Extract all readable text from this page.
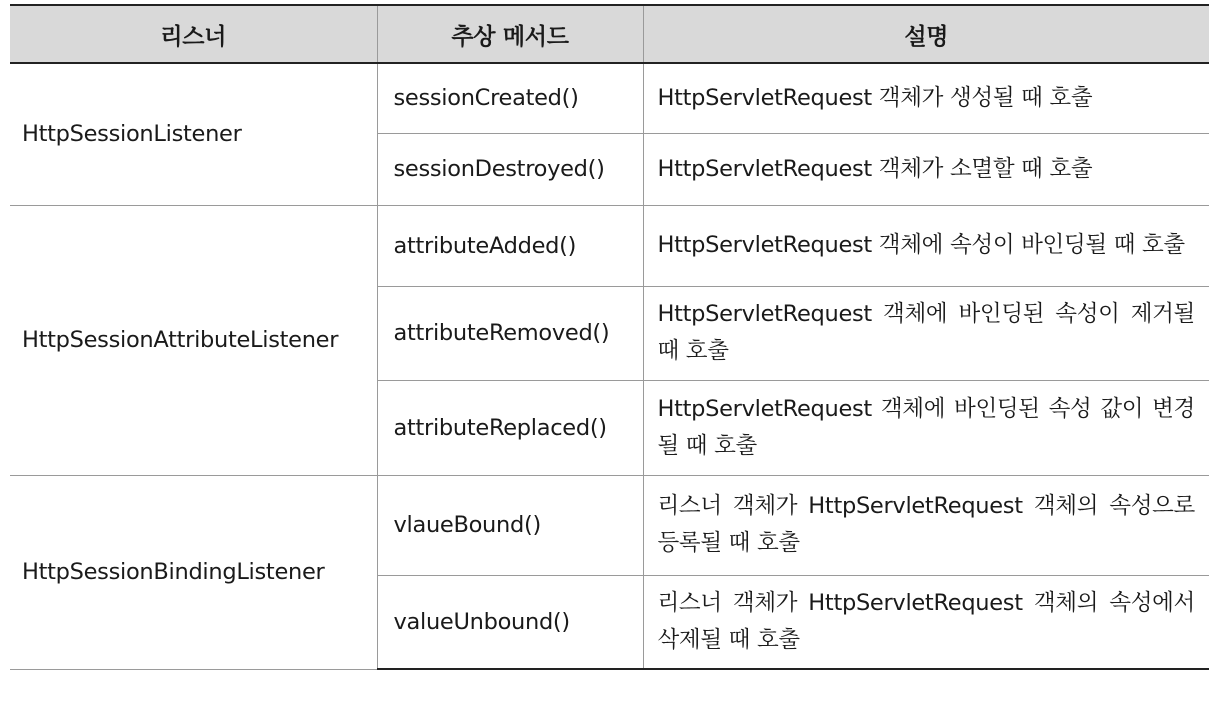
리스너	추상 메서드	설명
HttpSessionListener	sessionCreated()	HttpServletRequest 객체가 생성될 때 호출
	sessionDestroyed()	HttpServletRequest 객체가 소멸할 때 호출
HttpSessionAttributeListener	attributeAdded()	HttpServletRequest 객체에 속성이 바인딩될 때 호출
	attributeRemoved()	HttpServletRequest 객체에 바인딩된 속성이 제거될 때 호출
	attributeReplaced()	HttpServletRequest 객체에 바인딩된 속성 값이 변경될 때 호출
HttpSessionBindingListener	vlaueBound()	리스너 객체가 HttpServletRequest 객체의 속성으로 등록될 때 호출
	valueUnbound()	리스너 객체가 HttpServletRequest 객체의 속성에서 삭제될 때 호출
